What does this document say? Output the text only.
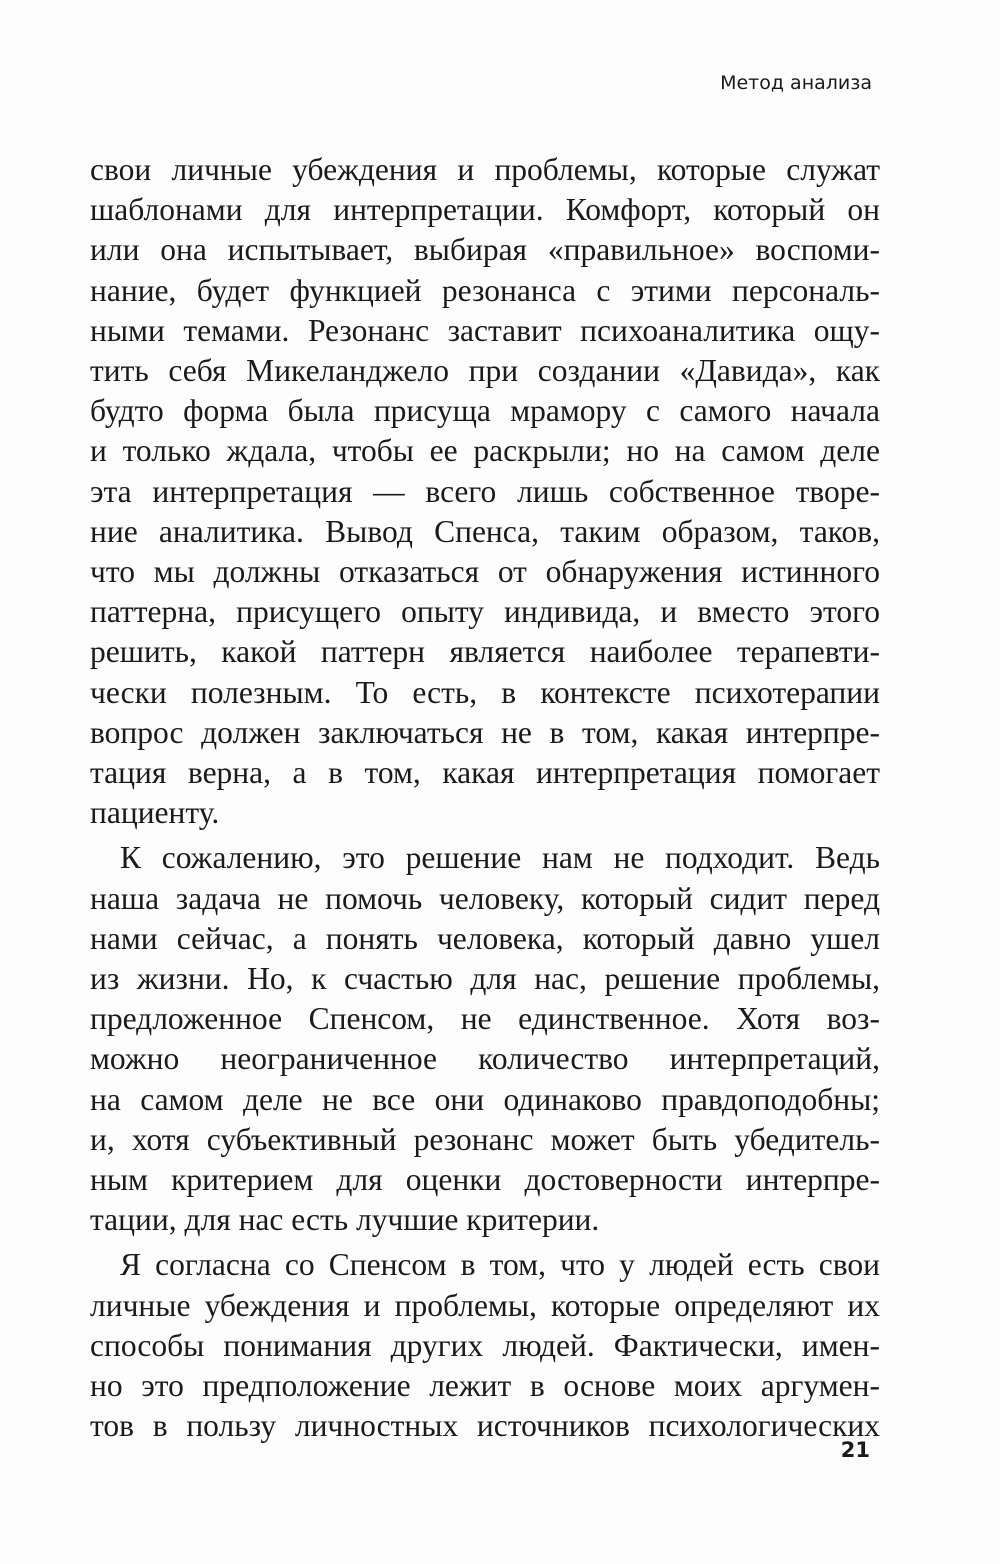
Метод анализа
свои личные убеждения и проблемы, которые служат
шаблонами для интерпретации. Комфорт, который он
или она испытывает, выбирая «правильное» воспоми-
нание, будет функцией резонанса с этими персональ-
ными темами. Резонанс заставит психоаналитика ощу-
тить себя Микеланджело при создании «Давида», как
будто форма была присуща мрамору с самого начала
и только ждала, чтобы ее раскрыли; но на самом деле
эта интерпретация — всего лишь собственное творе-
ние аналитика. Вывод Спенса, таким образом, таков,
что мы должны отказаться от обнаружения истинного
паттерна, присущего опыту индивида, и вместо этого
решить, какой паттерн является наиболее терапевти-
чески полезным. То есть, в контексте психотерапии
вопрос должен заключаться не в том, какая интерпре-
тация верна, а в том, какая интерпретация помогает
пациенту.
К сожалению, это решение нам не подходит. Ведь
наша задача не помочь человеку, который сидит перед
нами сейчас, а понять человека, который давно ушел
из жизни. Но, к счастью для нас, решение проблемы,
предложенное Спенсом, не единственное. Хотя воз-
можно неограниченное количество интерпретаций,
на самом деле не все они одинаково правдоподобны;
и, хотя субъективный резонанс может быть убедитель-
ным критерием для оценки достоверности интерпре-
тации, для нас есть лучшие критерии.
Я согласна со Спенсом в том, что у людей есть свои
личные убеждения и проблемы, которые определяют их
способы понимания других людей. Фактически, имен-
но это предположение лежит в основе моих аргумен-
тов в пользу личностных источников психологических
21
